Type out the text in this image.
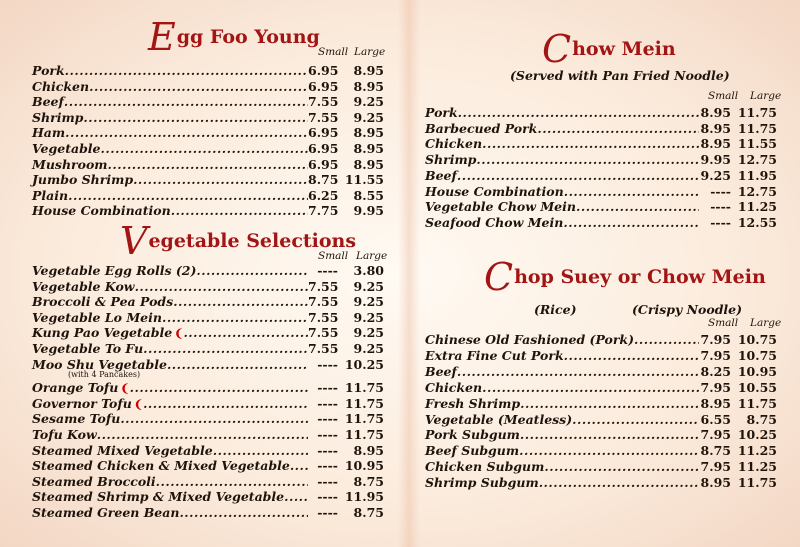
Egg Foo Young
Small Large
Pork .....	6.95	8.95
Chicken .....	6.95	8.95
Beef .....	7.55	9.25
Shrimp .....	7.55	9.25
Ham .....	6.95	8.95
Vegetable .....	6.95	8.95
Mushroom .....	6.95	8.95
Jumbo Shrimp .....	8.75 11.55
Plain .....	6.25	8.55
House Combination .....	7.75	9.95
Vegetable Selections
Small Large
Vegetable Egg Rolls (2) .....	----	3.80
Vegetable Kow .....	7.55	9.25
Broccoli & Pea Pods .....	7.55	9.25
Vegetable Lo Mein .....	7.55	9.25
Kung Pao Vegetable ❨ .....	7.55	9.25
Vegetable To Fu .....	7.55	9.25
Moo Shu Vegetable .....	---- 10.25
Orange Tofu ❨ .....	---- 11.75
Governor Tofu ❨ .....	---- 11.75
Sesame Tofu .....	---- 11.75
Tofu Kow .....	---- 11.75
Steamed Mixed Vegetable .....	----	8.95
Steamed Chicken & Mixed Vegetable .....	---- 10.95
Steamed Broccoli .....	----	8.75
Steamed Shrimp & Mixed Vegetable .....	---- 11.95
Steamed Green Bean .....	----	8.75
(with 4 Pancakes)
Chow Mein
(Served with Pan Fried Noodle)
Small Large
Pork .....	8.95 11.75
Barbecued Pork .....	8.95 11.75
Chicken .....	8.95 11.55
Shrimp .....	9.95 12.75
Beef .....	9.25 11.95
House Combination .....	---- 12.75
Vegetable Chow Mein .....	---- 11.25
Seafood Chow Mein .....	---- 12.55
Chop Suey or Chow Mein
(Rice)	(Crispy Noodle)
Small Large
Chinese Old Fashioned (Pork) .....	7.95 10.75
Extra Fine Cut Pork .....	7.95 10.75
Beef .....	8.25 10.95
Chicken .....	7.95 10.55
Fresh Shrimp .....	8.95 11.75
Vegetable (Meatless) .....	6.55	8.75
Pork Subgum .....	7.95 10.25
Beef Subgum .....	8.75 11.25
Chicken Subgum .....	7.95 11.25
Shrimp Subgum .....	8.95 11.75
